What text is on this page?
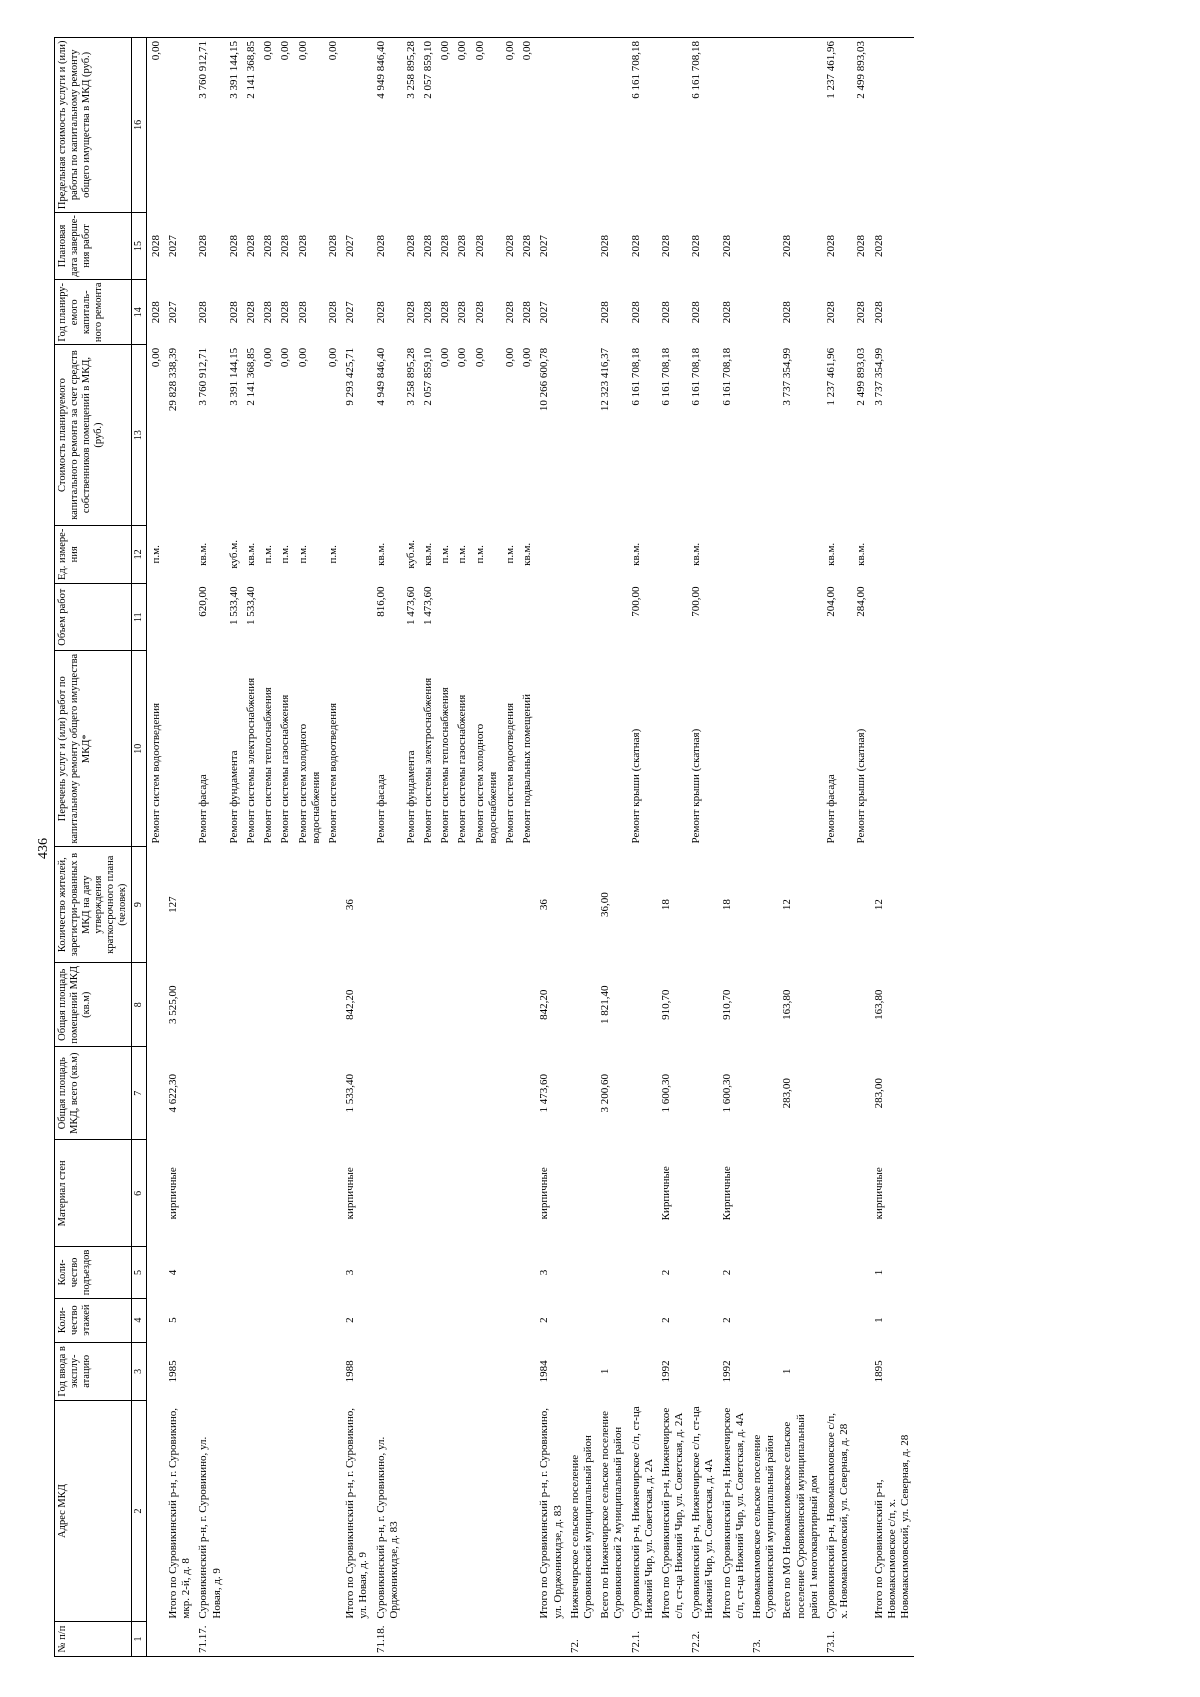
436
№ п/п	Адрес МКД	Год ввода в эксплу-атацию	Коли-чество этажей	Коли-чество подъездов	Материал стен	Общая площадь МКД, всего (кв.м)	Общая площадь помещений МКД (кв.м)	Количество жителей, зарегистри-рованных в МКД на дату утверждения краткосрочного плана (человек)	Перечень услуг и (или) работ по капитальному ремонту общего имущества МКД*	Объем работ	Ед. измере-ния	Стоимость планируемого капитального ремонта за счет средств собственников помещений в МКД, (руб.)	Год планиру-емого капиталь-ного ремонта	Плановая дата заверше-ния работ	Предельная стоимость услуги и (или) работы по капитальному ремонту общего имущества в МКД (руб.)
1	2	3	4	5	6	7	8	9	10	11	12	13	14	15	16
									Ремонт систем водоотведения		п.м.	0,00	2028	2028	0,00
	Итого по Суровикинский р-н, г. Суровикино, мкр. 2-й, д. 8	1985	5	4	кирпичные	4 622,30	3 525,00	127				29 828 338,39	2027	2027	
71.17.	Суровикинский р-н, г. Суровикино, ул. Новая, д. 9								Ремонт фасада	620,00	кв.м.	3 760 912,71	2028	2028	3 760 912,71
									Ремонт фундамента	1 533,40	куб.м.	3 391 144,15	2028	2028	3 391 144,15
									Ремонт системы электроснабжения	1 533,40	кв.м.	2 141 368,85	2028	2028	2 141 368,85
									Ремонт системы теплоснабжения		п.м.	0,00	2028	2028	0,00
									Ремонт системы газоснабжения		п.м.	0,00	2028	2028	0,00
									Ремонт систем холодного водоснабжения		п.м.	0,00	2028	2028	0,00
									Ремонт систем водоотведения		п.м.	0,00	2028	2028	0,00
	Итого по Суровикинский р-н, г. Суровикино, ул. Новая, д. 9	1988	2	3	кирпичные	1 533,40	842,20	36				9 293 425,71	2027	2027	
71.18.	Суровикинский р-н, г. Суровикино, ул. Орджоникидзе, д. 83								Ремонт фасада	816,00	кв.м.	4 949 846,40	2028	2028	4 949 846,40
									Ремонт фундамента	1 473,60	куб.м.	3 258 895,28	2028	2028	3 258 895,28
									Ремонт системы электроснабжения	1 473,60	кв.м.	2 057 859,10	2028	2028	2 057 859,10
									Ремонт системы теплоснабжения		п.м.	0,00	2028	2028	0,00
									Ремонт системы газоснабжения		п.м.	0,00	2028	2028	0,00
									Ремонт систем холодного водоснабжения		п.м.	0,00	2028	2028	0,00
									Ремонт систем водоотведения		п.м.	0,00	2028	2028	0,00
									Ремонт подвальных помещений		кв.м.	0,00	2028	2028	0,00
	Итого по Суровикинский р-н, г. Суровикино, ул. Орджоникидзе, д. 83	1984	2	3	кирпичные	1 473,60	842,20	36				10 266 600,78	2027	2027	
72.	Нижнечирское сельское поселение Суровикинский муниципальный район														
	Всего по Нижнечирское сельское поселение Суровикинский 2 муниципальный район	1				3 200,60	1 821,40	36,00				12 323 416,37	2028	2028	
72.1.	Суровикинский р-н, Нижнечирское с/п, ст-ца Нижний Чир, ул. Советская, д. 2А								Ремонт крыши (скатная)	700,00	кв.м.	6 161 708,18	2028	2028	6 161 708,18
	Итого по Суровикинский р-н, Нижнечирское с/п, ст-ца Нижний Чир, ул. Советская, д. 2А	1992	2	2	Кирпичные	1 600,30	910,70	18				6 161 708,18	2028	2028	
72.2.	Суровикинский р-н, Нижнечирское с/п, ст-ца Нижний Чир, ул. Советская, д. 4А								Ремонт крыши (скатная)	700,00	кв.м.	6 161 708,18	2028	2028	6 161 708,18
	Итого по Суровикинский р-н, Нижнечирское с/п, ст-ца Нижний Чир, ул. Советская, д. 4А	1992	2	2	Кирпичные	1 600,30	910,70	18				6 161 708,18	2028	2028	
73.	Новомаксимовское сельское поселение Суровикинский муниципальный район														
	Всего по МО Новомаксимовское сельское поселение Суровикинский муниципальный район 1 многоквартирный дом	1				283,00	163,80	12				3 737 354,99	2028	2028	
73.1.	Суровикинский р-н, Новомаксимовское с/п, х. Новомаксимовский, ул. Северная, д. 28								Ремонт фасада	204,00	кв.м.	1 237 461,96	2028	2028	1 237 461,96
									Ремонт крыши (скатная)	284,00	кв.м.	2 499 893,03	2028	2028	2 499 893,03
	Итого по Суровикинский р-н, Новомаксимовское с/п, х. Новомаксимовский, ул. Северная, д. 28	1895	1	1	кирпичные	283,00	163,80	12				3 737 354,99	2028	2028	
